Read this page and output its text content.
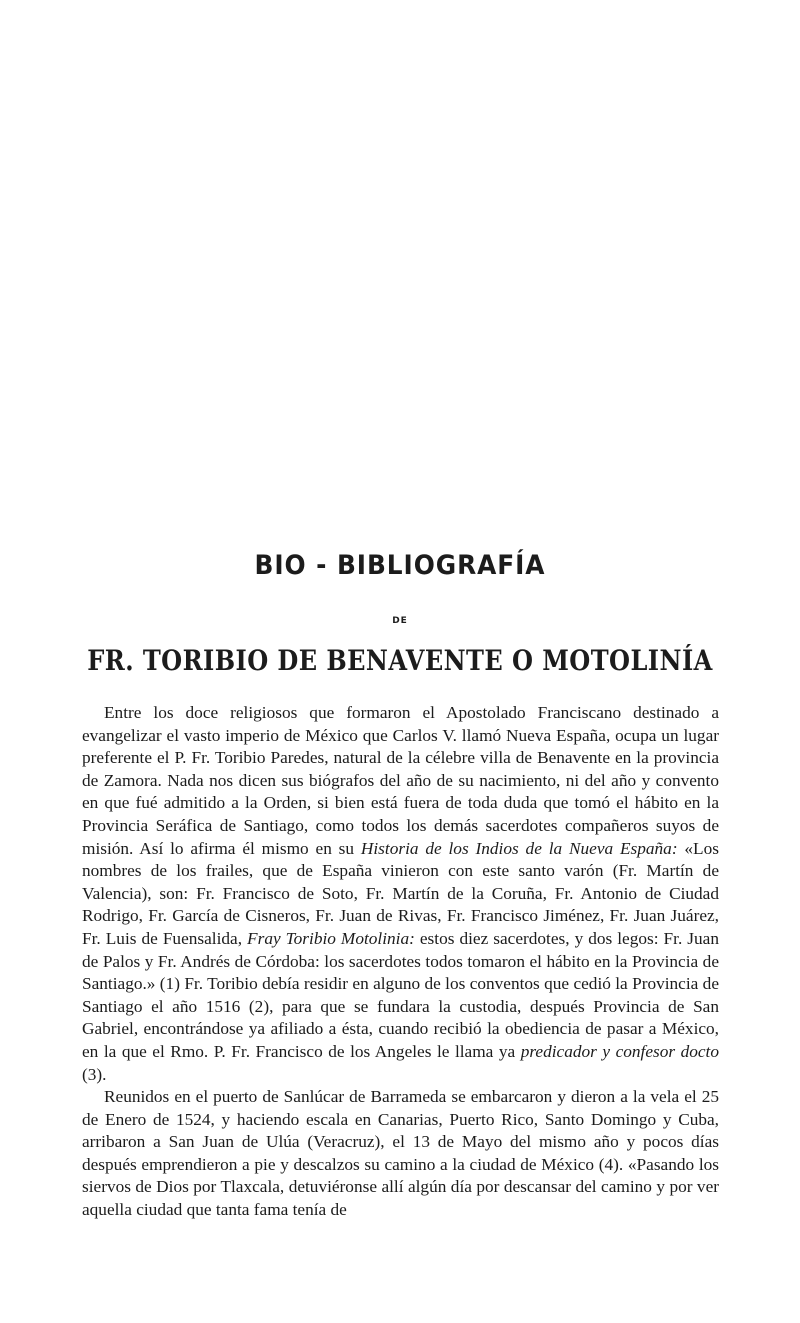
BIO - BIBLIOGRAFÍA
DE
FR. TORIBIO DE BENAVENTE O MOTOLINÍA

Entre los doce religiosos que formaron el Apostolado Franciscano destinado a evangelizar el vasto imperio de México que Carlos V. llamó Nueva España, ocupa un lugar preferente el P. Fr. Toribio Paredes, natural de la célebre villa de Benavente en la provincia de Zamora. Nada nos dicen sus biógrafos del año de su nacimiento, ni del año y convento en que fué admitido a la Orden, si bien está fuera de toda duda que tomó el hábito en la Provincia Seráfica de Santiago, como todos los demás sacerdotes compañeros suyos de misión. Así lo afirma él mismo en su Historia de los Indios de la Nueva España: «Los nombres de los frailes, que de España vinieron con este santo varón (Fr. Martín de Valencia), son: Fr. Francisco de Soto, Fr. Martín de la Coruña, Fr. Antonio de Ciudad Rodrigo, Fr. García de Cisneros, Fr. Juan de Rivas, Fr. Francisco Jiménez, Fr. Juan Juárez, Fr. Luis de Fuensalida, Fray Toribio Motolinia: estos diez sacerdotes, y dos legos: Fr. Juan de Palos y Fr. Andrés de Córdoba: los sacerdotes todos tomaron el hábito en la Provincia de Santiago.» (1) Fr. Toribio debía residir en alguno de los conventos que cedió la Provincia de Santiago el año 1516 (2), para que se fundara la custodia, después Provincia de San Gabriel, encontrándose ya afiliado a ésta, cuando recibió la obediencia de pasar a México, en la que el Rmo. P. Fr. Francisco de los Angeles le llama ya predicador y confesor docto (3).

Reunidos en el puerto de Sanlúcar de Barrameda se embarcaron y dieron a la vela el 25 de Enero de 1524, y haciendo escala en Canarias, Puerto Rico, Santo Domingo y Cuba, arribaron a San Juan de Ulúa (Veracruz), el 13 de Mayo del mismo año y pocos días después emprendieron a pie y descalzos su camino a la ciudad de México (4). «Pasando los siervos de Dios por Tlaxcala, detuviéronse allí algún día por descansar del camino y por ver aquella ciudad que tanta fama tenía de
